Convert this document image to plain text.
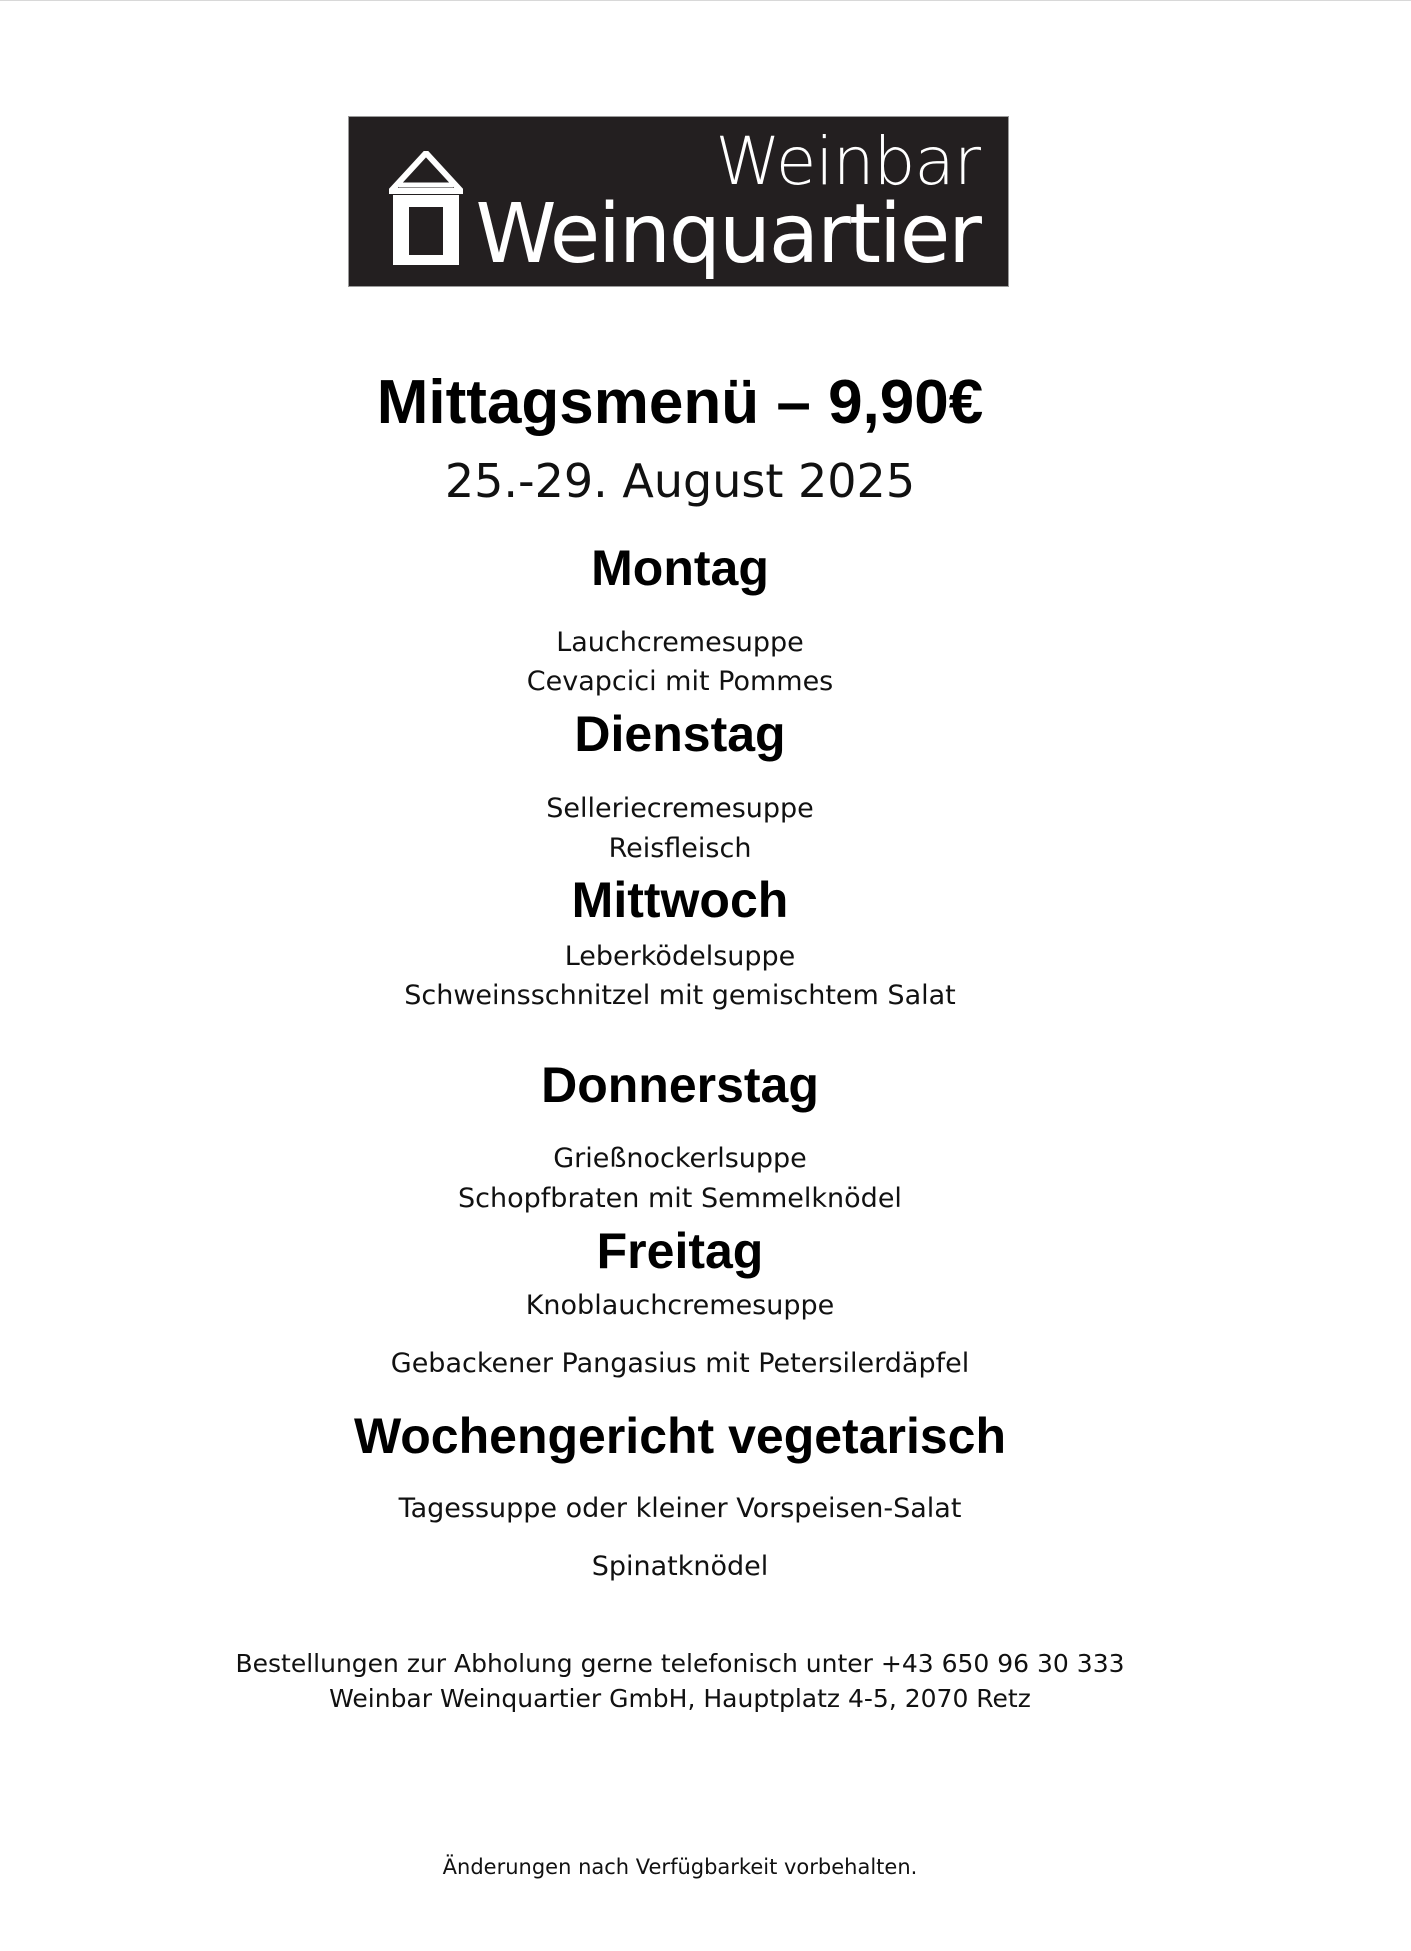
Weinbar
Weinquartier
Mittagsmenü – 9,90€
25.-29. August 2025
Montag
Lauchcremesuppe
Cevapcici mit Pommes
Dienstag
Selleriecremesuppe
Reisfleisch
Mittwoch
Leberködelsuppe
Schweinsschnitzel mit gemischtem Salat
Donnerstag
Grießnockerlsuppe
Schopfbraten mit Semmelknödel
Freitag
Knoblauchcremesuppe
Gebackener Pangasius mit Petersilerdäpfel
Wochengericht vegetarisch
Tagessuppe oder kleiner Vorspeisen-Salat
Spinatknödel
Bestellungen zur Abholung gerne telefonisch unter +43 650 96 30 333
Weinbar Weinquartier GmbH, Hauptplatz 4-5, 2070 Retz
Änderungen nach Verfügbarkeit vorbehalten.
